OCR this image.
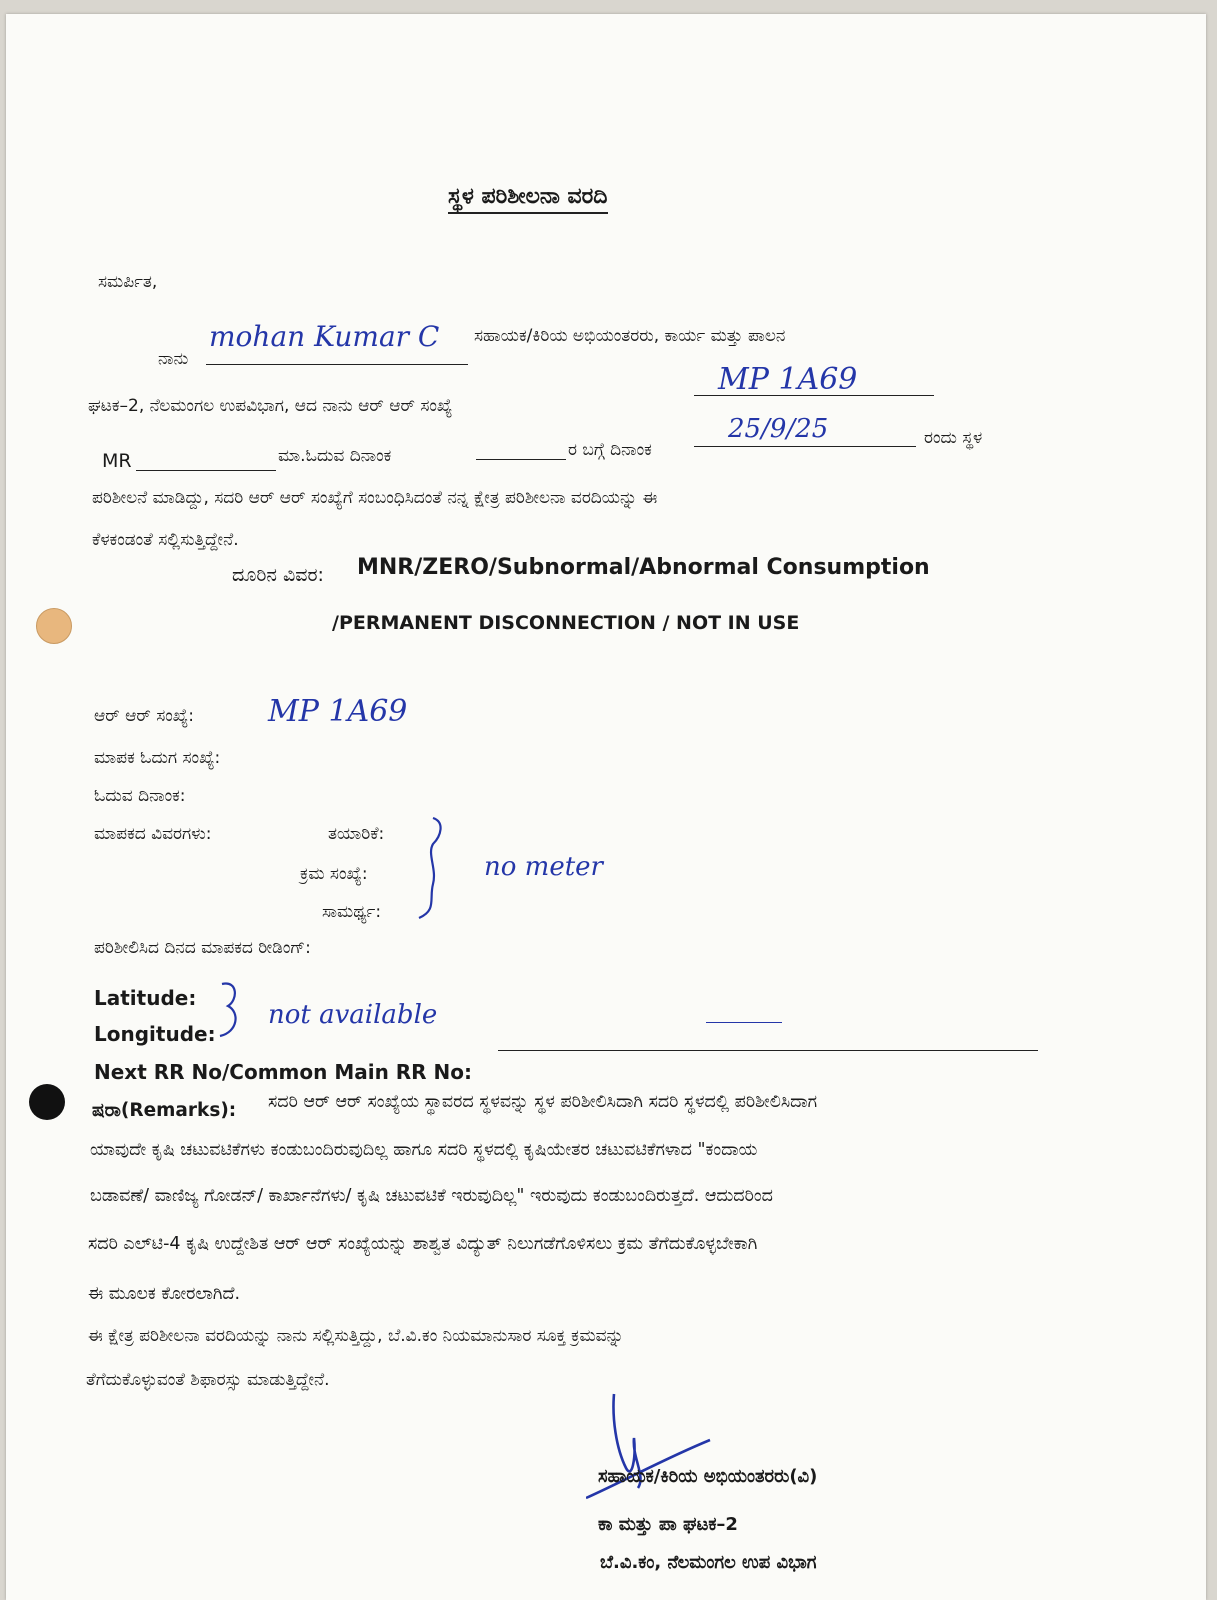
ಸ್ಥಳ ಪರಿಶೀಲನಾ ವರದಿ
ಸಮರ್ಪಿತ,
ನಾನು
mohan Kumar C ಸಹಾಯಕ/ಕಿರಿಯ ಅಭಿಯಂತರರು, ಕಾರ್ಯ ಮತ್ತು ಪಾಲನ
ಘಟಕ–2, ನೆಲಮಂಗಲ ಉಪವಿಭಾಗ, ಆದ ನಾನು ಆರ್ ಆರ್ ಸಂಖ್ಯೆ
MP 1A69
MR	ಮಾ.ಓದುವ ದಿನಾಂಕ	ರ ಬಗ್ಗೆ ದಿನಾಂಕ
25/9/25	ರಂದು ಸ್ಥಳ
ಪರಿಶೀಲನೆ ಮಾಡಿದ್ದು, ಸದರಿ ಆರ್ ಆರ್ ಸಂಖ್ಯೆಗೆ ಸಂಬಂಧಿಸಿದಂತೆ ನನ್ನ ಕ್ಷೇತ್ರ ಪರಿಶೀಲನಾ ವರದಿಯನ್ನು ಈ
ಕೆಳಕಂಡಂತೆ ಸಲ್ಲಿಸುತ್ತಿದ್ದೇನೆ.
ದೂರಿನ ವಿವರ: MNR/ZERO/Subnormal/Abnormal Consumption
/PERMANENT DISCONNECTION / NOT IN USE
ಆರ್ ಆರ್ ಸಂಖ್ಯೆ: MP 1A69
ಮಾಪಕ ಓದುಗ ಸಂಖ್ಯೆ:
ಓದುವ ದಿನಾಂಕ:
ಮಾಪಕದ ವಿವರಗಳು:	ತಯಾರಿಕೆ:
ಕ್ರಮ ಸಂಖ್ಯೆ:
ಸಾಮರ್ಥ್ಯ:
no meter
ಪರಿಶೀಲಿಸಿದ ದಿನದ ಮಾಪಕದ ರೀಡಿಂಗ್:
Latitude:
Longitude:
not available
Next RR No/Common Main RR No:
ಷರಾ(Remarks): ಸದರಿ ಆರ್ ಆರ್ ಸಂಖ್ಯೆಯ ಸ್ಥಾವರದ ಸ್ಥಳವನ್ನು ಸ್ಥಳ ಪರಿಶೀಲಿಸಿದಾಗಿ ಸದರಿ ಸ್ಥಳದಲ್ಲಿ ಪರಿಶೀಲಿಸಿದಾಗ
ಯಾವುದೇ ಕೃಷಿ ಚಟುವಟಿಕೆಗಳು ಕಂಡುಬಂದಿರುವುದಿಲ್ಲ ಹಾಗೂ ಸದರಿ ಸ್ಥಳದಲ್ಲಿ ಕೃಷಿಯೇತರ ಚಟುವಟಿಕೆಗಳಾದ "ಕಂದಾಯ
ಬಡಾವಣೆ/ ವಾಣಿಜ್ಯ ಗೋಡನ್/ ಕಾರ್ಖಾನೆಗಳು/ ಕೃಷಿ ಚಟುವಟಿಕೆ ಇರುವುದಿಲ್ಲ" ಇರುವುದು ಕಂಡುಬಂದಿರುತ್ತದೆ. ಆದುದರಿಂದ
ಸದರಿ ಎಲ್‌ಟಿ-4 ಕೃಷಿ ಉದ್ದೇಶಿತ ಆರ್ ಆರ್ ಸಂಖ್ಯೆಯನ್ನು ಶಾಶ್ವತ ವಿದ್ಯುತ್ ನಿಲುಗಡೆಗೊಳಿಸಲು ಕ್ರಮ ತೆಗೆದುಕೊಳ್ಳಬೇಕಾಗಿ
ಈ ಮೂಲಕ ಕೋರಲಾಗಿದೆ.
ಈ ಕ್ಷೇತ್ರ ಪರಿಶೀಲನಾ ವರದಿಯನ್ನು ನಾನು ಸಲ್ಲಿಸುತ್ತಿದ್ದು, ಬೆ.ವಿ.ಕಂ ನಿಯಮಾನುಸಾರ ಸೂಕ್ತ ಕ್ರಮವನ್ನು
ತೆಗೆದುಕೊಳ್ಳುವಂತೆ ಶಿಫಾರಸ್ಸು ಮಾಡುತ್ತಿದ್ದೇನೆ.
ಸಹಾಯಕ/ಕಿರಿಯ ಅಭಿಯಂತರರು(ವಿ)
ಕಾ ಮತ್ತು ಪಾ ಘಟಕ–2
ಬೆ.ವಿ.ಕಂ, ನೆಲಮಂಗಲ ಉಪ ವಿಭಾಗ
